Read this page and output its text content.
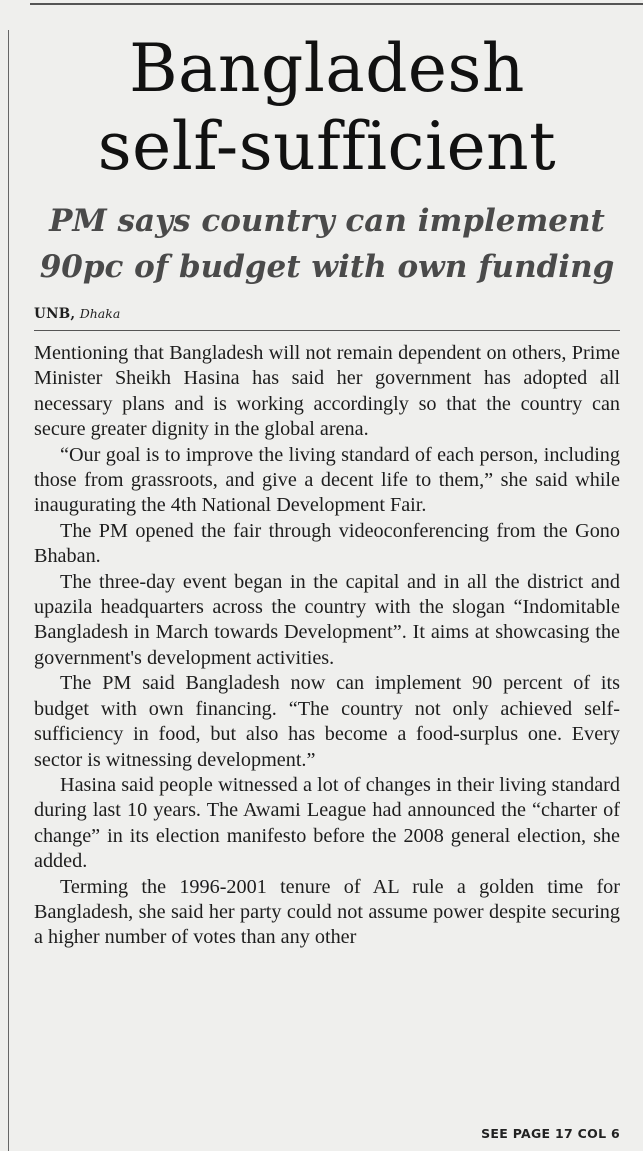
Bangladesh
self-sufficient
PM says country can implement
90pc of budget with own funding
UNB, Dhaka

Mentioning that Bangladesh will not remain dependent on others, Prime Minister Sheikh Hasina has said her government has adopted all necessary plans and is working accordingly so that the country can secure greater dignity in the global arena.

“Our goal is to improve the living standard of each person, including those from grassroots, and give a decent life to them,” she said while inaugurating the 4th National Development Fair.

The PM opened the fair through videoconferencing from the Gono Bhaban.

The three-day event began in the capital and in all the district and upazila headquarters across the country with the slogan “Indomitable Bangladesh in March towards Development”. It aims at showcasing the government's development activities.

The PM said Bangladesh now can implement 90 percent of its budget with own financing. “The country not only achieved self-sufficiency in food, but also has become a food-surplus one. Every sector is witnessing development.”

Hasina said people witnessed a lot of changes in their living standard during last 10 years. The Awami League had announced the “charter of change” in its election manifesto before the 2008 general election, she added.

Terming the 1996-2001 tenure of AL rule a golden time for Bangladesh, she said her party could not assume power despite securing a higher number of votes than any other

SEE PAGE 17 COL 6
